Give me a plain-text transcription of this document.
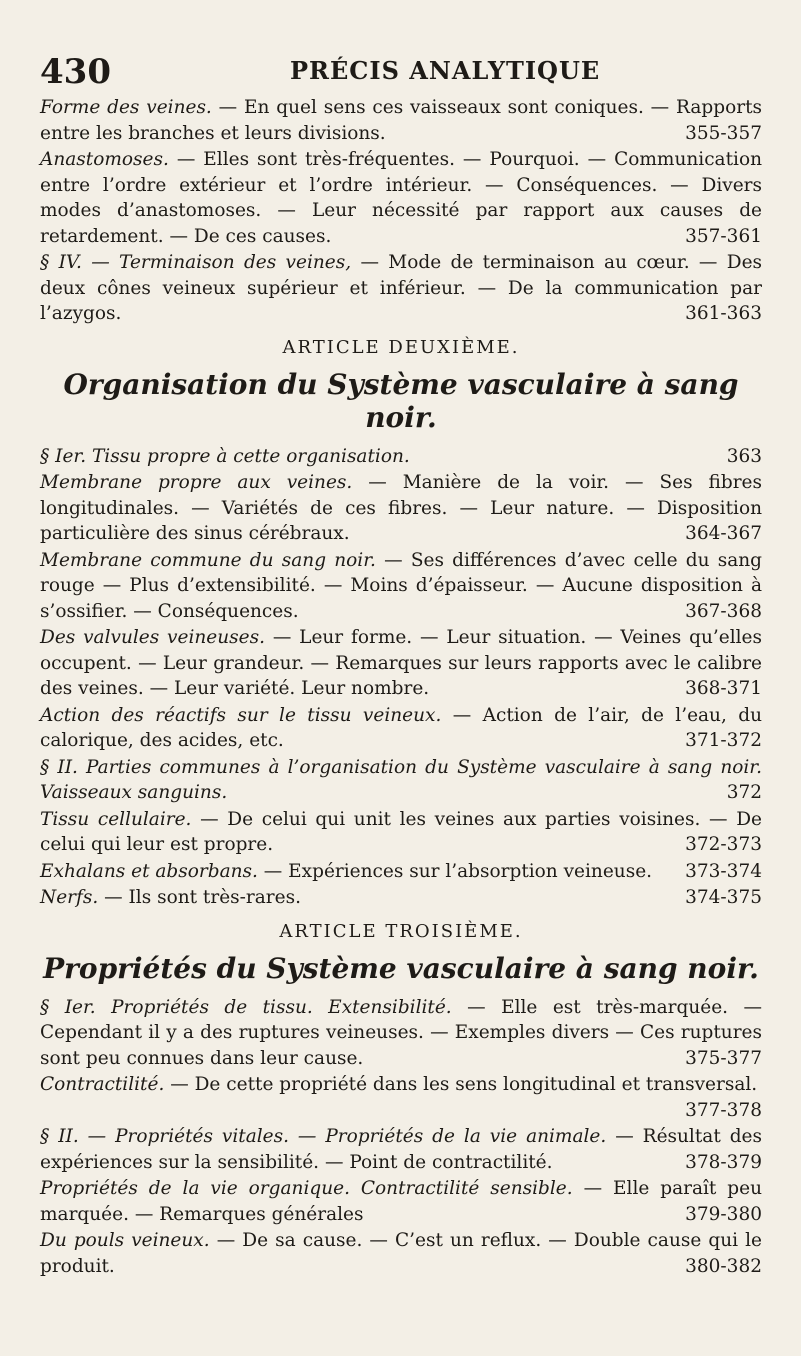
430	PRÉCIS ANALYTIQUE
Forme des veines. — En quel sens ces vaisseaux sont coniques. — Rapports entre les branches et leurs divisions.	355-357
Anastomoses. — Elles sont très-fréquentes. — Pourquoi. — Communication entre l’ordre extérieur et l’ordre intérieur. — Conséquences. — Divers modes d’anastomoses. — Leur nécessité par rapport aux causes de retardement. — De ces causes.	357-361
§ IV. — Terminaison des veines, — Mode de terminaison au cœur. — Des deux cônes veineux supérieur et inférieur. — De la communication par l’azygos.	361-363
ARTICLE DEUXIÈME.
Organisation du Système vasculaire à sang noir.
§ Ier. Tissu propre à cette organisation.	363
Membrane propre aux veines. — Manière de la voir. — Ses fibres longitudinales. — Variétés de ces fibres. — Leur nature. — Disposition particulière des sinus cérébraux.	364-367
Membrane commune du sang noir. — Ses différences d’avec celle du sang rouge — Plus d’extensibilité. — Moins d’épaisseur. — Aucune disposition à s’ossifier. — Conséquences.	367-368
Des valvules veineuses. — Leur forme. — Leur situation. — Veines qu’elles occupent. — Leur grandeur. — Remarques sur leurs rapports avec le calibre des veines. — Leur variété. Leur nombre.	368-371
Action des réactifs sur le tissu veineux. — Action de l’air, de l’eau, du calorique, des acides, etc.	371-372
§ II. Parties communes à l’organisation du Système vasculaire à sang noir. Vaisseaux sanguins.	372
Tissu cellulaire. — De celui qui unit les veines aux parties voisines. — De celui qui leur est propre.	372-373
Exhalans et absorbans. — Expériences sur l’absorption veineuse.	373-374
Nerfs. — Ils sont très-rares.	374-375
ARTICLE TROISIÈME.
Propriétés du Système vasculaire à sang noir.
§ Ier. Propriétés de tissu. Extensibilité. — Elle est très-marquée. — Cependant il y a des ruptures veineuses. — Exemples divers — Ces ruptures sont peu connues dans leur cause.	375-377
Contractilité. — De cette propriété dans les sens longitudinal et transversal.
377-378
§ II. — Propriétés vitales. — Propriétés de la vie animale. — Résultat des expériences sur la sensibilité. — Point de contractilité.	378-379
Propriétés de la vie organique. Contractilité sensible. — Elle paraît peu marquée. — Remarques générales	379-380
Du pouls veineux. — De sa cause. — C’est un reflux. — Double cause qui le produit.	380-382
